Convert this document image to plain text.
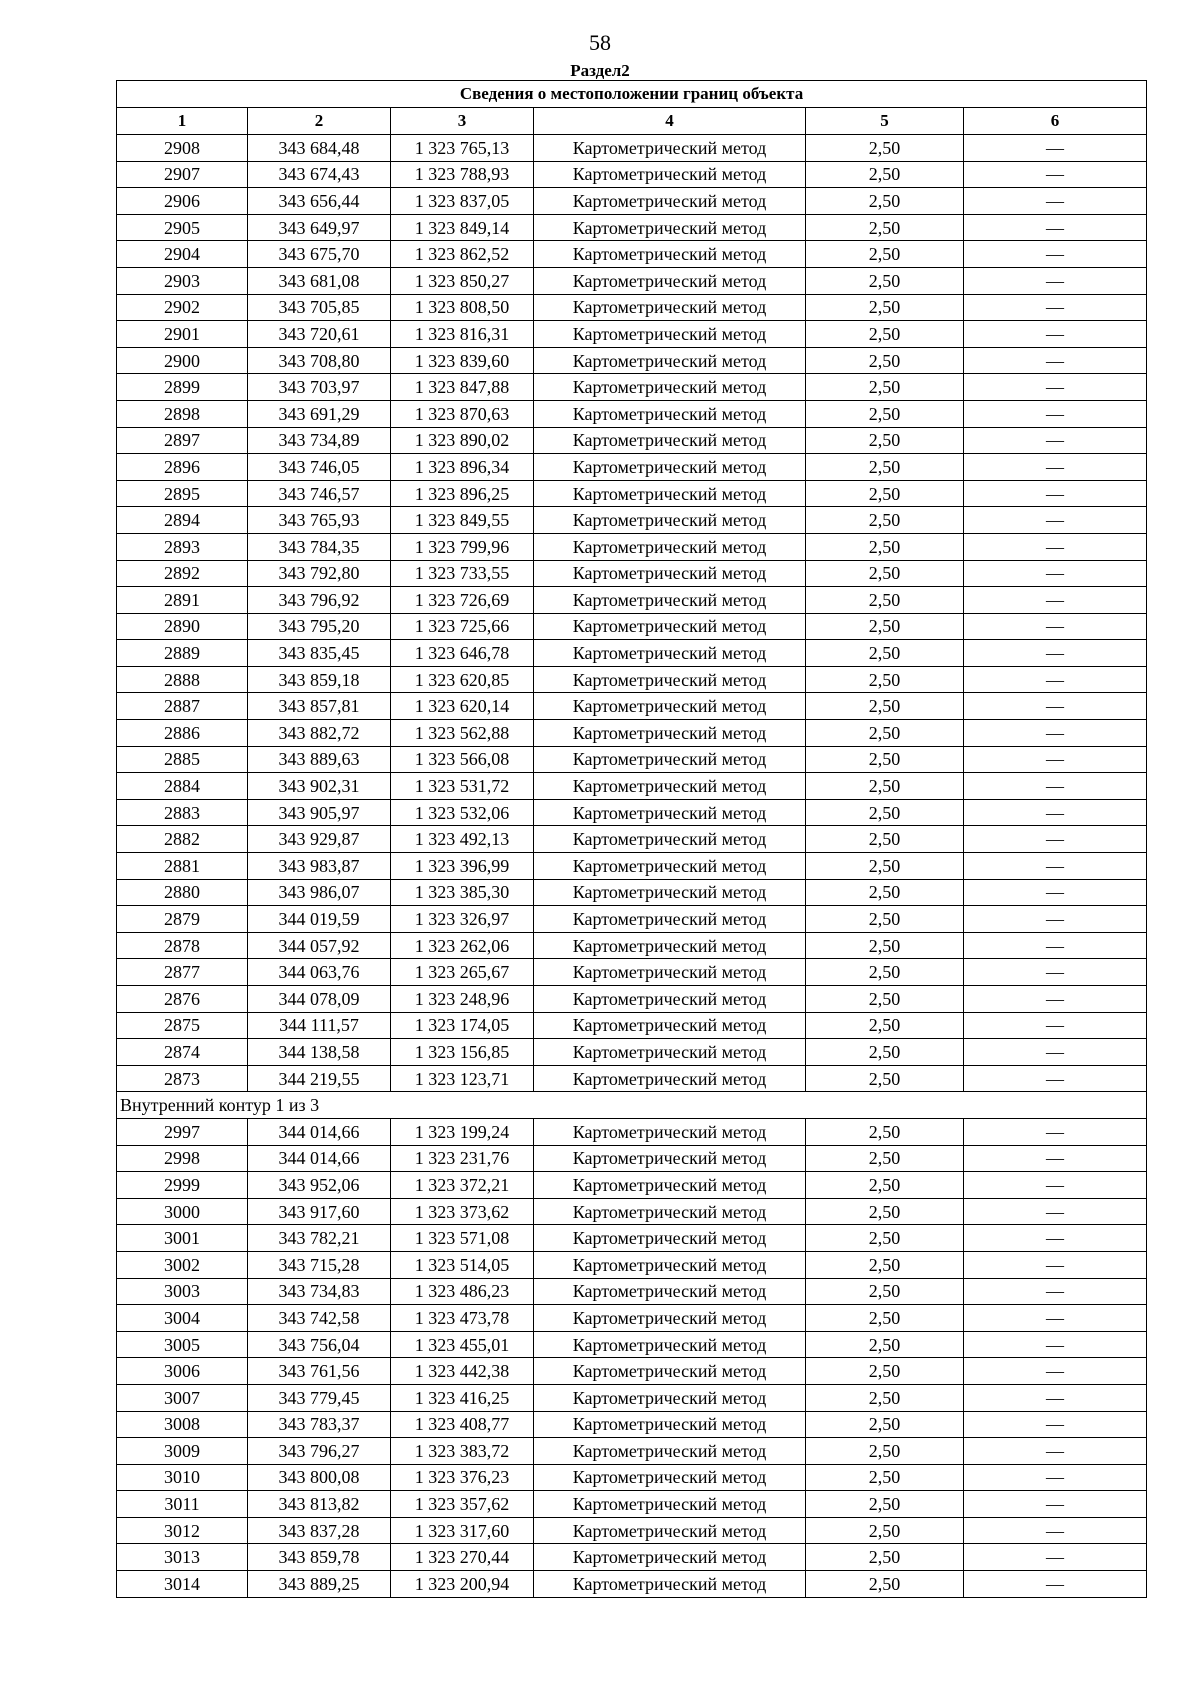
58
Раздел2
Сведения о местоположении границ объекта					
1	2	3	4	5	6
2908	343 684,48	1 323 765,13	Картометрический метод	2,50	—
2907	343 674,43	1 323 788,93	Картометрический метод	2,50	—
2906	343 656,44	1 323 837,05	Картометрический метод	2,50	—
2905	343 649,97	1 323 849,14	Картометрический метод	2,50	—
2904	343 675,70	1 323 862,52	Картометрический метод	2,50	—
2903	343 681,08	1 323 850,27	Картометрический метод	2,50	—
2902	343 705,85	1 323 808,50	Картометрический метод	2,50	—
2901	343 720,61	1 323 816,31	Картометрический метод	2,50	—
2900	343 708,80	1 323 839,60	Картометрический метод	2,50	—
2899	343 703,97	1 323 847,88	Картометрический метод	2,50	—
2898	343 691,29	1 323 870,63	Картометрический метод	2,50	—
2897	343 734,89	1 323 890,02	Картометрический метод	2,50	—
2896	343 746,05	1 323 896,34	Картометрический метод	2,50	—
2895	343 746,57	1 323 896,25	Картометрический метод	2,50	—
2894	343 765,93	1 323 849,55	Картометрический метод	2,50	—
2893	343 784,35	1 323 799,96	Картометрический метод	2,50	—
2892	343 792,80	1 323 733,55	Картометрический метод	2,50	—
2891	343 796,92	1 323 726,69	Картометрический метод	2,50	—
2890	343 795,20	1 323 725,66	Картометрический метод	2,50	—
2889	343 835,45	1 323 646,78	Картометрический метод	2,50	—
2888	343 859,18	1 323 620,85	Картометрический метод	2,50	—
2887	343 857,81	1 323 620,14	Картометрический метод	2,50	—
2886	343 882,72	1 323 562,88	Картометрический метод	2,50	—
2885	343 889,63	1 323 566,08	Картометрический метод	2,50	—
2884	343 902,31	1 323 531,72	Картометрический метод	2,50	—
2883	343 905,97	1 323 532,06	Картометрический метод	2,50	—
2882	343 929,87	1 323 492,13	Картометрический метод	2,50	—
2881	343 983,87	1 323 396,99	Картометрический метод	2,50	—
2880	343 986,07	1 323 385,30	Картометрический метод	2,50	—
2879	344 019,59	1 323 326,97	Картометрический метод	2,50	—
2878	344 057,92	1 323 262,06	Картометрический метод	2,50	—
2877	344 063,76	1 323 265,67	Картометрический метод	2,50	—
2876	344 078,09	1 323 248,96	Картометрический метод	2,50	—
2875	344 111,57	1 323 174,05	Картометрический метод	2,50	—
2874	344 138,58	1 323 156,85	Картометрический метод	2,50	—
2873	344 219,55	1 323 123,71	Картометрический метод	2,50	—
Внутренний контур 1 из 3					
2997	344 014,66	1 323 199,24	Картометрический метод	2,50	—
2998	344 014,66	1 323 231,76	Картометрический метод	2,50	—
2999	343 952,06	1 323 372,21	Картометрический метод	2,50	—
3000	343 917,60	1 323 373,62	Картометрический метод	2,50	—
3001	343 782,21	1 323 571,08	Картометрический метод	2,50	—
3002	343 715,28	1 323 514,05	Картометрический метод	2,50	—
3003	343 734,83	1 323 486,23	Картометрический метод	2,50	—
3004	343 742,58	1 323 473,78	Картометрический метод	2,50	—
3005	343 756,04	1 323 455,01	Картометрический метод	2,50	—
3006	343 761,56	1 323 442,38	Картометрический метод	2,50	—
3007	343 779,45	1 323 416,25	Картометрический метод	2,50	—
3008	343 783,37	1 323 408,77	Картометрический метод	2,50	—
3009	343 796,27	1 323 383,72	Картометрический метод	2,50	—
3010	343 800,08	1 323 376,23	Картометрический метод	2,50	—
3011	343 813,82	1 323 357,62	Картометрический метод	2,50	—
3012	343 837,28	1 323 317,60	Картометрический метод	2,50	—
3013	343 859,78	1 323 270,44	Картометрический метод	2,50	—
3014	343 889,25	1 323 200,94	Картометрический метод	2,50	—
